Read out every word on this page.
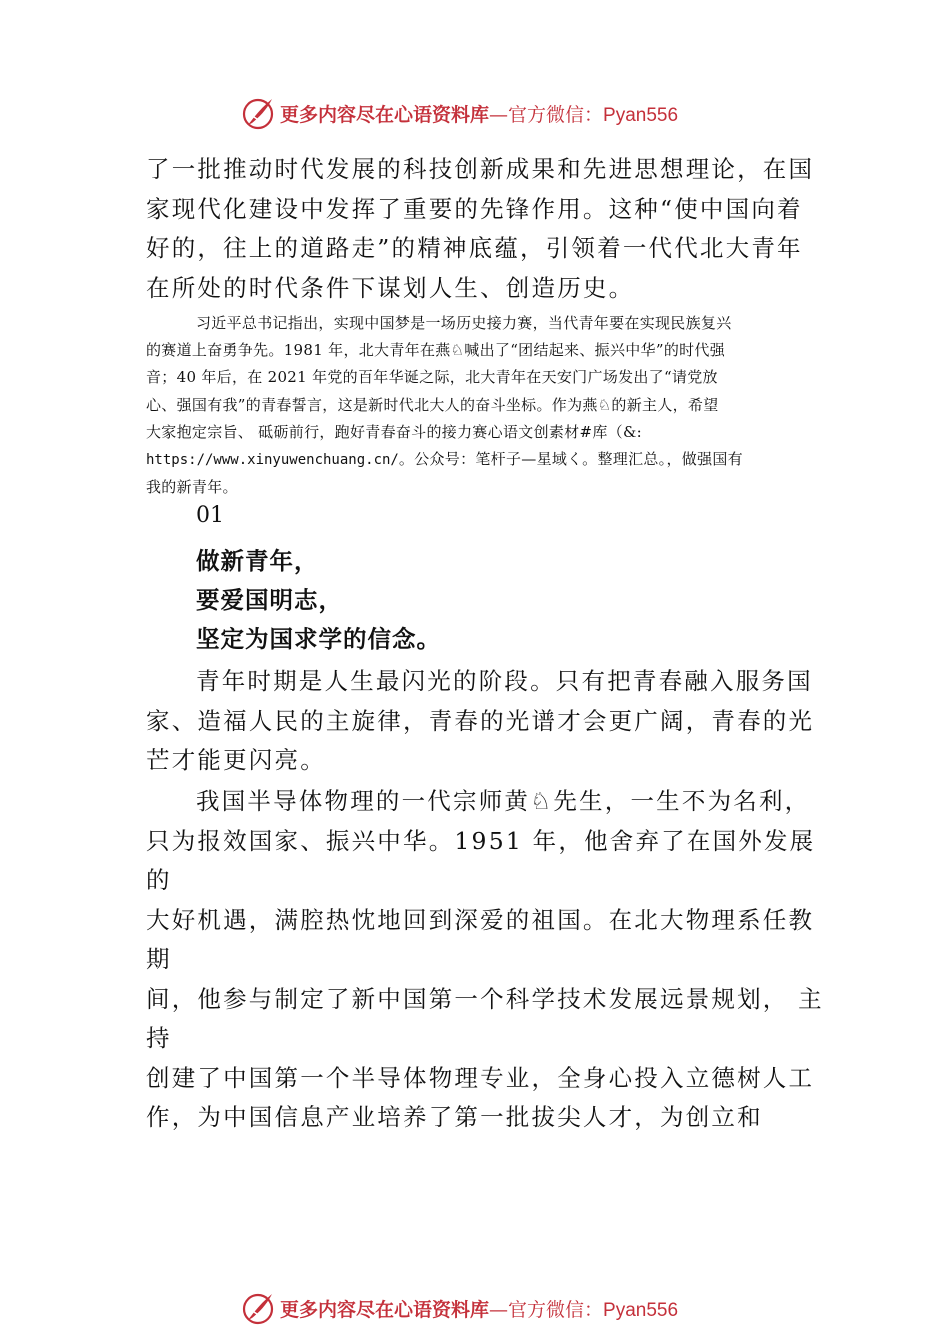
更多内容尽在心语资料库—官方微信：Pyan556

了一批推动时代发展的科技创新成果和先进思想理论，在国

家现代化建设中发挥了重要的先锋作用。这种“使中国向着

好的，往上的道路走”的精神底蕴，引领着一代代北大青年

在所处的时代条件下谋划人生、创造历史。

习近平总书记指出，实现中国梦是一场历史接力赛，当代青年要在实现民族复兴

的赛道上奋勇争先。1981 年，北大青年在燕♘喊出了“团结起来、振兴中华”的时代强

音；40 年后，在 2021 年党的百年华诞之际，北大青年在天安门广场发出了“请党放

心、强国有我”的青春誓言，这是新时代北大人的奋斗坐标。作为燕♘的新主人，希望

大家抱定宗旨、 砥砺前行，跑好青春奋斗的接力赛心语文创素材#库（&:

https://www.xinyuwenchuang.cn/。公众号：笔杆子—星域く。整理汇总。，做强国有

我的新青年。

01
做新青年，
要爱国明志，
坚定为国求学的信念。

青年时期是人生最闪光的阶段。只有把青春融入服务国

家、造福人民的主旋律，青春的光谱才会更广阔，青春的光

芒才能更闪亮。

我国半导体物理的一代宗师黄♘先生，一生不为名利，

只为报效国家、振兴中华。1951 年，他舍弃了在国外发展的

大好机遇，满腔热忱地回到深爱的祖国。在北大物理系任教期

间，他参与制定了新中国第一个科学技术发展远景规划， 主持

创建了中国第一个半导体物理专业，全身心投入立德树人工

作，为中国信息产业培养了第一批拔尖人才，为创立和

更多内容尽在心语资料库—官方微信：Pyan556
